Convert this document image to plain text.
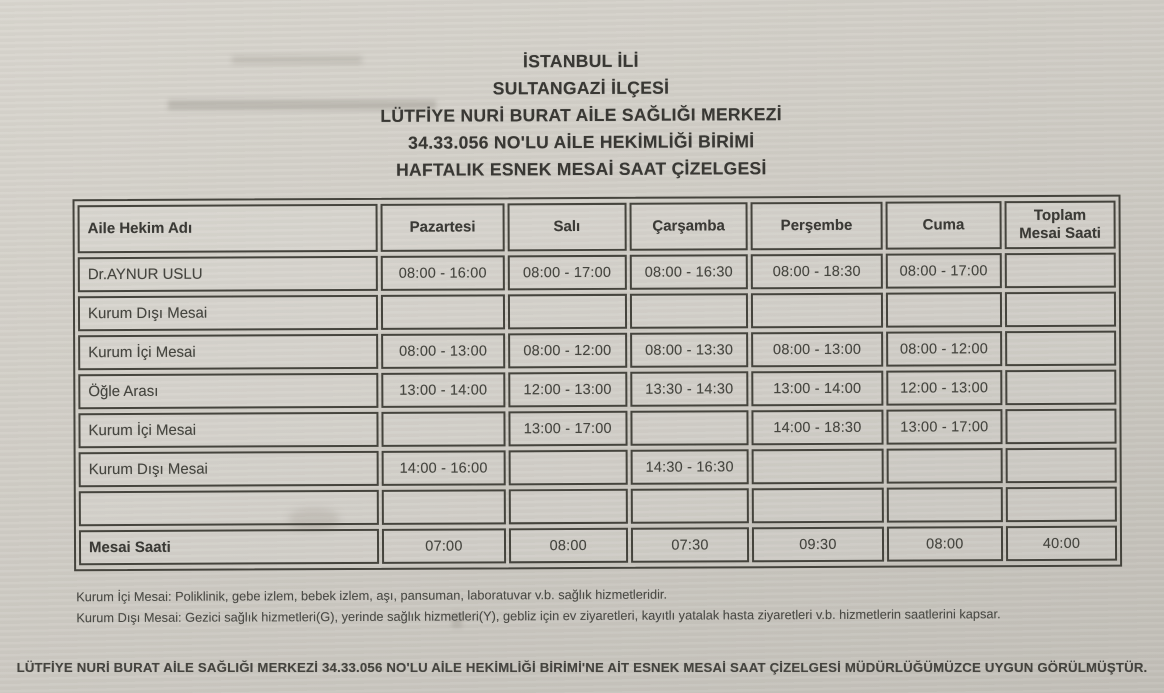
İSTANBUL İLİ
SULTANGAZİ İLÇESİ
LÜTFİYE NURİ BURAT AİLE SAĞLIĞI MERKEZİ
34.33.056 NO'LU AİLE HEKİMLİĞİ BİRİMİ
HAFTALIK ESNEK MESAİ SAAT ÇİZELGESİ
Aile Hekim Adı	Pazartesi	Salı	Çarşamba	Perşembe	Cuma	Toplam
Mesai Saati
Dr.AYNUR USLU	08:00 - 16:00	08:00 - 17:00	08:00 - 16:30	08:00 - 18:30	08:00 - 17:00	
Kurum Dışı Mesai						
Kurum İçi Mesai	08:00 - 13:00	08:00 - 12:00	08:00 - 13:30	08:00 - 13:00	08:00 - 12:00	
Öğle Arası	13:00 - 14:00	12:00 - 13:00	13:30 - 14:30	13:00 - 14:00	12:00 - 13:00	
Kurum İçi Mesai		13:00 - 17:00		14:00 - 18:30	13:00 - 17:00	
Kurum Dışı Mesai	14:00 - 16:00		14:30 - 16:30			

Mesai Saati	07:00	08:00	07:30	09:30	08:00	40:00
Kurum İçi Mesai: Poliklinik, gebe izlem, bebek izlem, aşı, pansuman, laboratuvar v.b. sağlık hizmetleridir.
Kurum Dışı Mesai: Gezici sağlık hizmetleri(G), yerinde sağlık hizmetleri(Y), gebliz için ev ziyaretleri, kayıtlı yatalak hasta ziyaretleri v.b. hizmetlerin saatlerini kapsar.
LÜTFİYE NURİ BURAT AİLE SAĞLIĞI MERKEZİ 34.33.056 NO'LU AİLE HEKİMLİĞİ BİRİMİ'NE AİT ESNEK MESAİ SAAT ÇİZELGESİ MÜDÜRLÜĞÜMÜZCE UYGUN GÖRÜLMÜŞTÜR.
